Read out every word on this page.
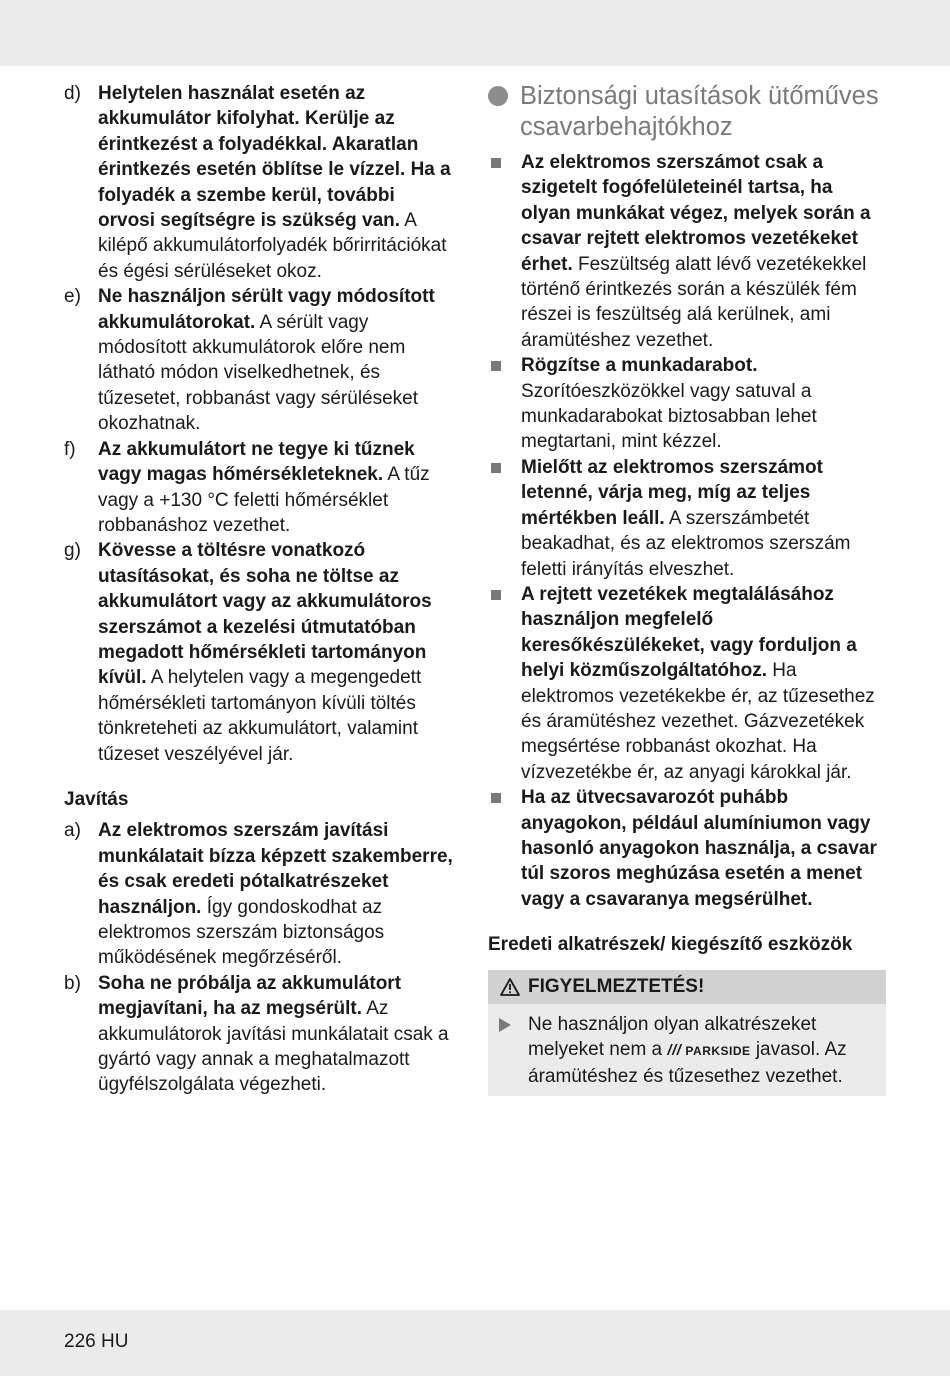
d) Helytelen használat esetén az akkumulátor kifolyhat. Kerülje az érintkezést a folyadékkal. Akaratlan érintkezés esetén öblítse le vízzel. Ha a folyadék a szembe kerül, további orvosi segítségre is szükség van. A kilépő akkumulátorfolyadék bőrirritációkat és égési sérüléseket okoz.
e) Ne használjon sérült vagy módosított akkumulátorokat. A sérült vagy módosított akkumulátorok előre nem látható módon viselkedhetnek, és tűzesetet, robbanást vagy sérüléseket okozhatnak.
f)	Az akkumulátort ne tegye ki tűznek vagy magas hőmérsékleteknek. A tűz vagy a +130 °C feletti hőmérséklet robbanáshoz vezethet.
g) Kövesse a töltésre vonatkozó utasításokat, és soha ne töltse az akkumulátort vagy az akkumulátoros szerszámot a kezelési útmutatóban megadott hőmérsékleti tartományon kívül. A helytelen vagy a megengedett hőmérsékleti tartományon kívüli töltés tönkreteheti az akkumulátort, valamint tűzeset veszélyével jár.
Javítás
a) Az elektromos szerszám javítási munkálatait bízza képzett szakemberre, és csak eredeti pótalkatrészeket használjon. Így gondoskodhat az elektromos szerszám biztonságos működésének megőrzéséről.
b) Soha ne próbálja az akkumulátort megjavítani, ha az megsérült. Az akkumulátorok javítási munkálatait csak a gyártó vagy annak a meghatalmazott ügyfélszolgálata végezheti.
Biztonsági utasítások ütőműves csavarbehajtókhoz
Az elektromos szerszámot csak a szigetelt fogófelületeinél tartsa, ha olyan munkákat végez, melyek során a csavar rejtett elektromos vezetékeket érhet. Feszültség alatt lévő vezetékekkel történő érintkezés során a készülék fém részei is feszültség alá kerülnek, ami áramütéshez vezethet.
Rögzítse a munkadarabot. Szorítóeszközökkel vagy satuval a munkadarabokat biztosabban lehet megtartani, mint kézzel.
Mielőtt az elektromos szerszámot letenné, várja meg, míg az teljes mértékben leáll. A szerszámbetét beakadhat, és az elektromos szerszám feletti irányítás elveszhet.
A rejtett vezetékek megtalálásához használjon megfelelő keresőkészülékeket, vagy forduljon a helyi közműszolgáltatóhoz. Ha elektromos vezetékekbe ér, az tűzesethez és áramütéshez vezethet. Gázvezetékek megsértése robbanást okozhat. Ha vízvezetékbe ér, az anyagi károkkal jár.
Ha az ütvecsavarozót puhább anyagokon, például alumíniumon vagy hasonló anyagokon használja, a csavar túl szoros meghúzása esetén a menet vagy a csavaranya megsérülhet.
Eredeti alkatrészek/ kiegészítő eszközök
FIGYELMEZTETÉS!
Ne használjon olyan alkatrészeket melyeket nem a /// PARKSIDE javasol. Az áramütéshez és tűzesethez vezethet.
226 HU
